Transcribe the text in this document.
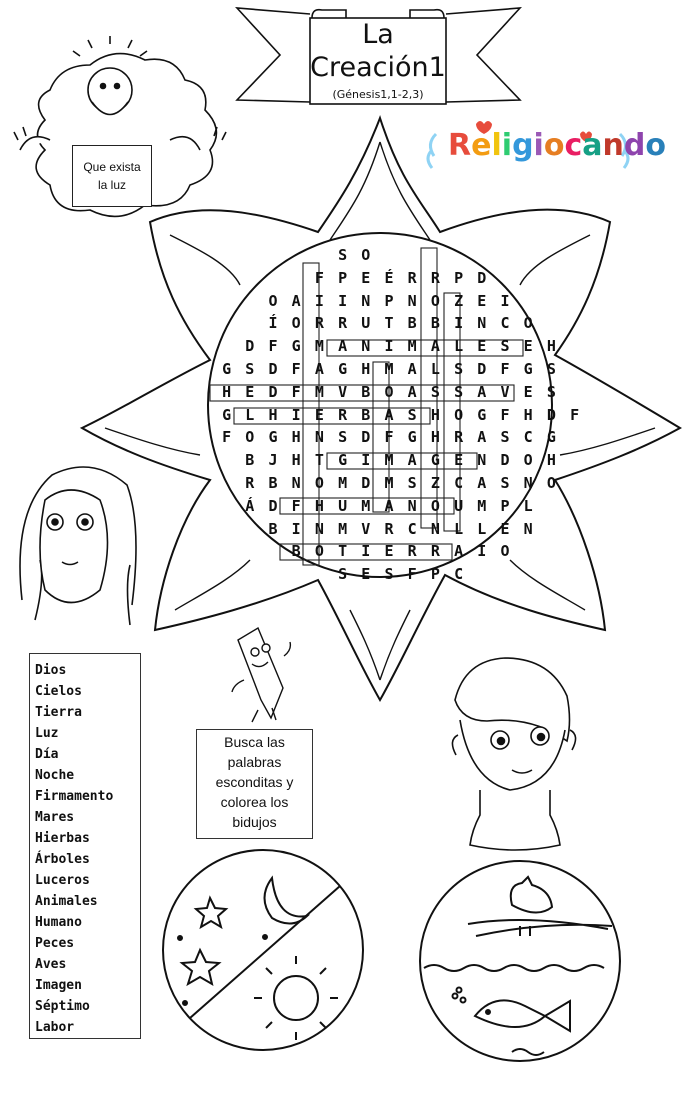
La
Creación1
(Génesis1,1-2,3)
Religiocando
Que exista
la luz
S O
F P E É R R P D
O A I I N P N O Z E I
Í O R R U T B B I N C O
D F G M A N I M A L E S E H
G S D F A G H M A L S D F G S
H E D F M V B O A S S A V E S
G L H I E R B A S H O G F H D F
F O G H N S D F G H R A S C G
B J H T G I M A G E N D O H
R B N O M D M S Z C A S N O
Á D F H U M A N O U M P L
B I N M V R C N L L E N
B O T I E R R A I O
S E S F P C
Dios
Cielos
Tierra
Luz
Día
Noche
Firmamento
Mares
Hierbas
Árboles
Luceros
Animales
Humano
Peces
Aves
Imagen
Séptimo
Labor
Busca las
palabras
esconditas y
colorea los
bidujos
